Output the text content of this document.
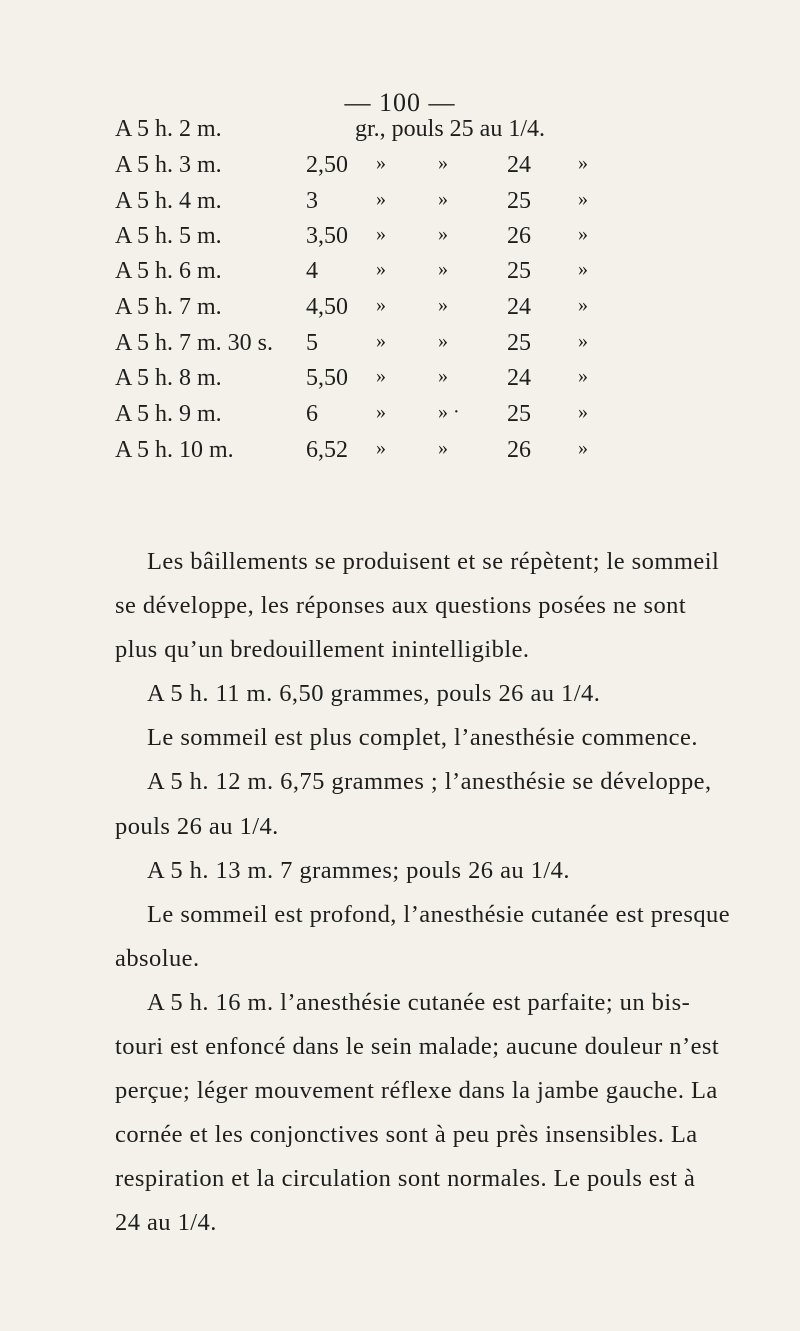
— 100 —
A 5 h. 2 m.	gr., pouls 25 au 1/4.
A 5 h. 3 m.	2,50 »	» 24 »
A 5 h. 4 m.	3	»	» 25 »
A 5 h. 5 m.	3,50 »	» 26 »
A 5 h. 6 m.	4	»	» 25 »
A 5 h. 7 m.	4,50 »	» 24 »
A 5 h. 7 m. 30 s. 5	»	» 25 »
A 5 h. 8 m.	5,50 »	» 24 »
A 5 h. 9 m.	6	»	» · 25 »
A 5 h. 10 m.	6,52 »	» 26 »

Les bâillements se produisent et se répètent; le sommeil

se développe, les réponses aux questions posées ne sont

plus qu’un bredouillement inintelligible.

A 5 h. 11 m. 6,50 grammes, pouls 26 au 1/4.

Le sommeil est plus complet, l’anesthésie commence.

A 5 h. 12 m. 6,75 grammes ; l’anesthésie se développe,

pouls 26 au 1/4.

A 5 h. 13 m. 7 grammes; pouls 26 au 1/4.

Le sommeil est profond, l’anesthésie cutanée est presque

absolue.

A 5 h. 16 m. l’anesthésie cutanée est parfaite; un bis-

touri est enfoncé dans le sein malade; aucune douleur n’est

perçue; léger mouvement réflexe dans la jambe gauche. La

cornée et les conjonctives sont à peu près insensibles. La

respiration et la circulation sont normales. Le pouls est à

24 au 1/4.
